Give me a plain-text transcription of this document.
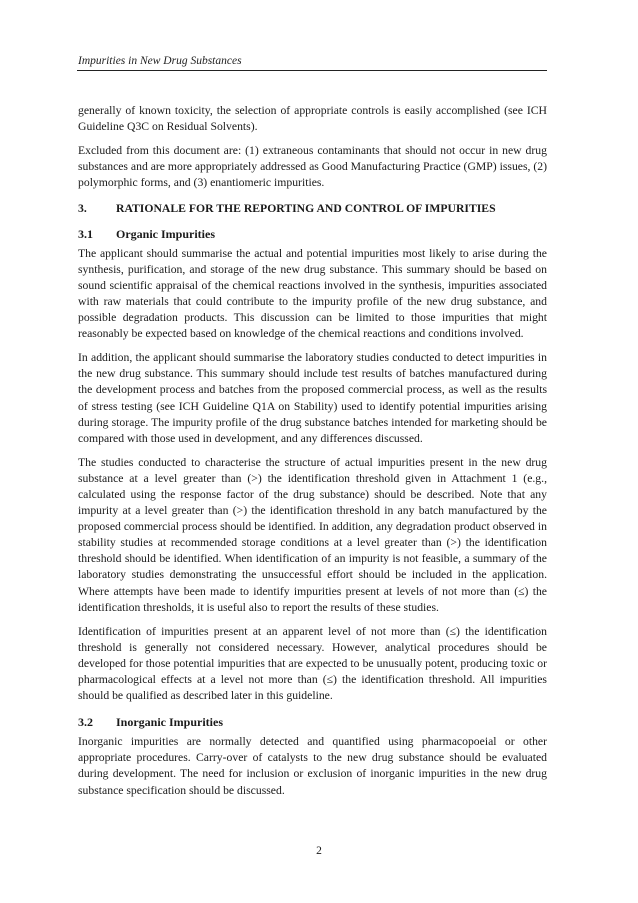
Impurities in New Drug Substances

generally of known toxicity, the selection of appropriate controls is easily accomplished (see ICH Guideline Q3C on Residual Solvents).

Excluded from this document are: (1) extraneous contaminants that should not occur in new drug substances and are more appropriately addressed as Good Manufacturing Practice (GMP) issues, (2) polymorphic forms, and (3) enantiomeric impurities.

3.	RATIONALE FOR THE REPORTING AND CONTROL OF IMPURITIES
3.1	Organic Impurities

The applicant should summarise the actual and potential impurities most likely to arise during the synthesis, purification, and storage of the new drug substance. This summary should be based on sound scientific appraisal of the chemical reactions involved in the synthesis, impurities associated with raw materials that could contribute to the impurity profile of the new drug substance, and possible degradation products. This discussion can be limited to those impurities that might reasonably be expected based on knowledge of the chemical reactions and conditions involved.

In addition, the applicant should summarise the laboratory studies conducted to detect impurities in the new drug substance. This summary should include test results of batches manufactured during the development process and batches from the proposed commercial process, as well as the results of stress testing (see ICH Guideline Q1A on Stability) used to identify potential impurities arising during storage. The impurity profile of the drug substance batches intended for marketing should be compared with those used in development, and any differences discussed.

The studies conducted to characterise the structure of actual impurities present in the new drug substance at a level greater than (>) the identification threshold given in Attachment 1 (e.g., calculated using the response factor of the drug substance) should be described. Note that any impurity at a level greater than (>) the identification threshold in any batch manufactured by the proposed commercial process should be identified. In addition, any degradation product observed in stability studies at recommended storage conditions at a level greater than (>) the identification threshold should be identified. When identification of an impurity is not feasible, a summary of the laboratory studies demonstrating the unsuccessful effort should be included in the application. Where attempts have been made to identify impurities present at levels of not more than (≤) the identification thresholds, it is useful also to report the results of these studies.

Identification of impurities present at an apparent level of not more than (≤) the identification threshold is generally not considered necessary. However, analytical procedures should be developed for those potential impurities that are expected to be unusually potent, producing toxic or pharmacological effects at a level not more than (≤) the identification threshold. All impurities should be qualified as described later in this guideline.

3.2	Inorganic Impurities

Inorganic impurities are normally detected and quantified using pharmacopoeial or other appropriate procedures. Carry-over of catalysts to the new drug substance should be evaluated during development. The need for inclusion or exclusion of inorganic impurities in the new drug substance specification should be discussed.

2
